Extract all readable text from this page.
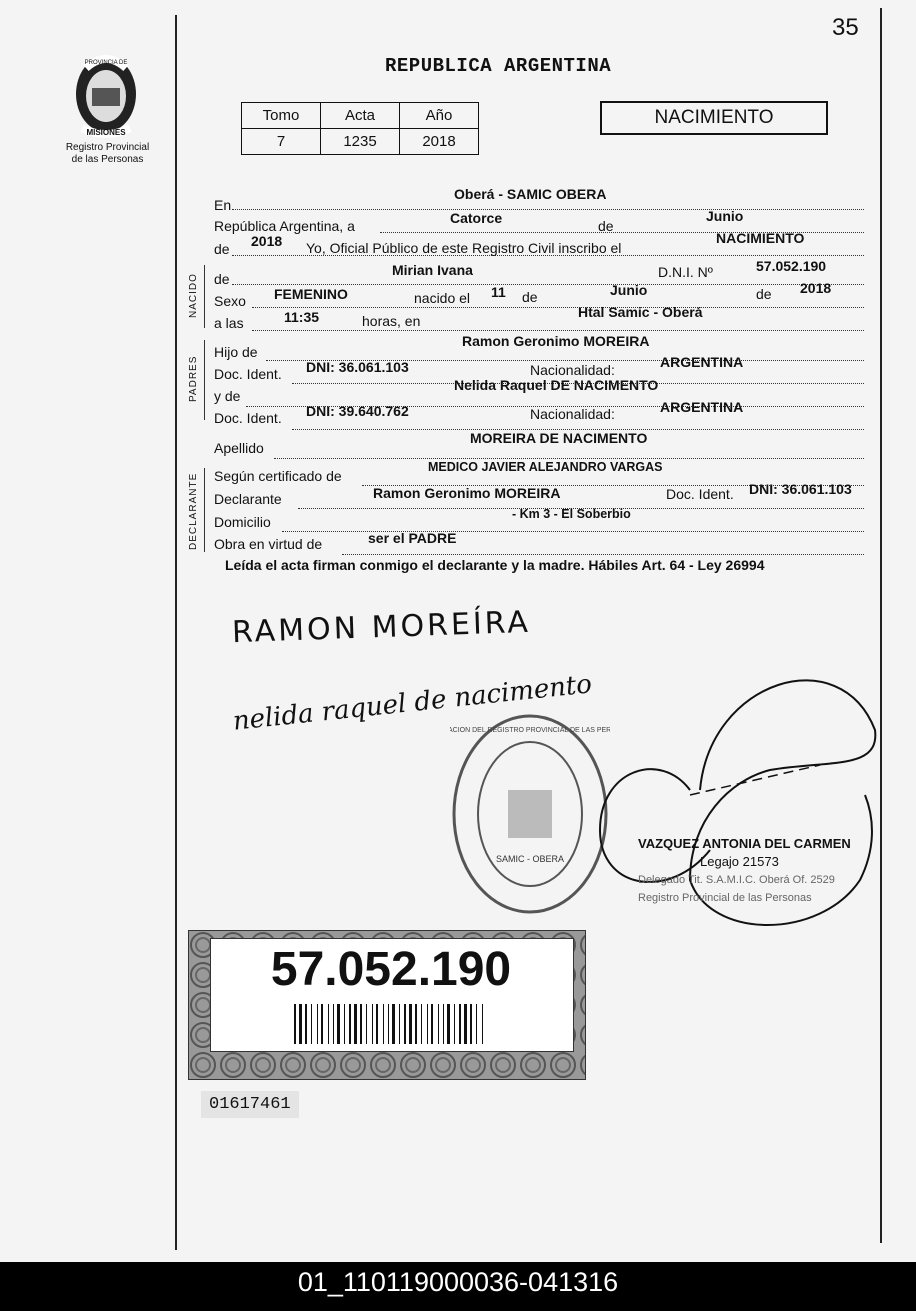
35
PROVINCIA DE
MISIONES
Registro Provincial
de las Personas
REPUBLICA ARGENTINA
Tomo	Acta	Año
7	1235	2018
NACIMIENTO
NACIDO
PADRES
DECLARANTE
En
Oberá - SAMIC OBERA
República Argentina, a	Catorce	de
Junio
de 2018 Yo, Oficial Público de este Registro Civil inscribo el
NACIMIENTO
de
Mirian Ivana	D.N.I. Nº	57.052.190
Sexo FEMENINO	nacido el 11 de	Junio	de 2018
a las	11:35	horas, en
Htal Samic - Oberá
Hijo de
Ramon Geronimo MOREIRA
Doc. Ident. DNI: 36.061.103	Nacionalidad:	ARGENTINA
y de
Nelida Raquel DE NACIMENTO
Doc. Ident. DNI: 39.640.762	Nacionalidad:	ARGENTINA
Apellido
MOREIRA DE NACIMENTO
Según certificado de
MEDICO JAVIER ALEJANDRO VARGAS
Declarante	Ramon Geronimo MOREIRA	Doc. Ident. DNI: 36.061.103
Domicilio	- Km 3 - El Soberbio
Obra en virtud de	ser el PADRE
Leída el acta firman conmigo el declarante y la madre. Hábiles Art. 64 - Ley 26994
RAMON MOREÍRA
nelida raquel de nacimento
SAMIC - OBERA
ACION DEL REGISTRO PROVINCIAL DE LAS PER
VAZQUEZ ANTONIA DEL CARMEN
Legajo 21573
Delegado Tit. S.A.M.I.C. Oberá Of. 2529
Registro Provincial de las Personas
57.052.190
01617461
01_110119000036-041316
